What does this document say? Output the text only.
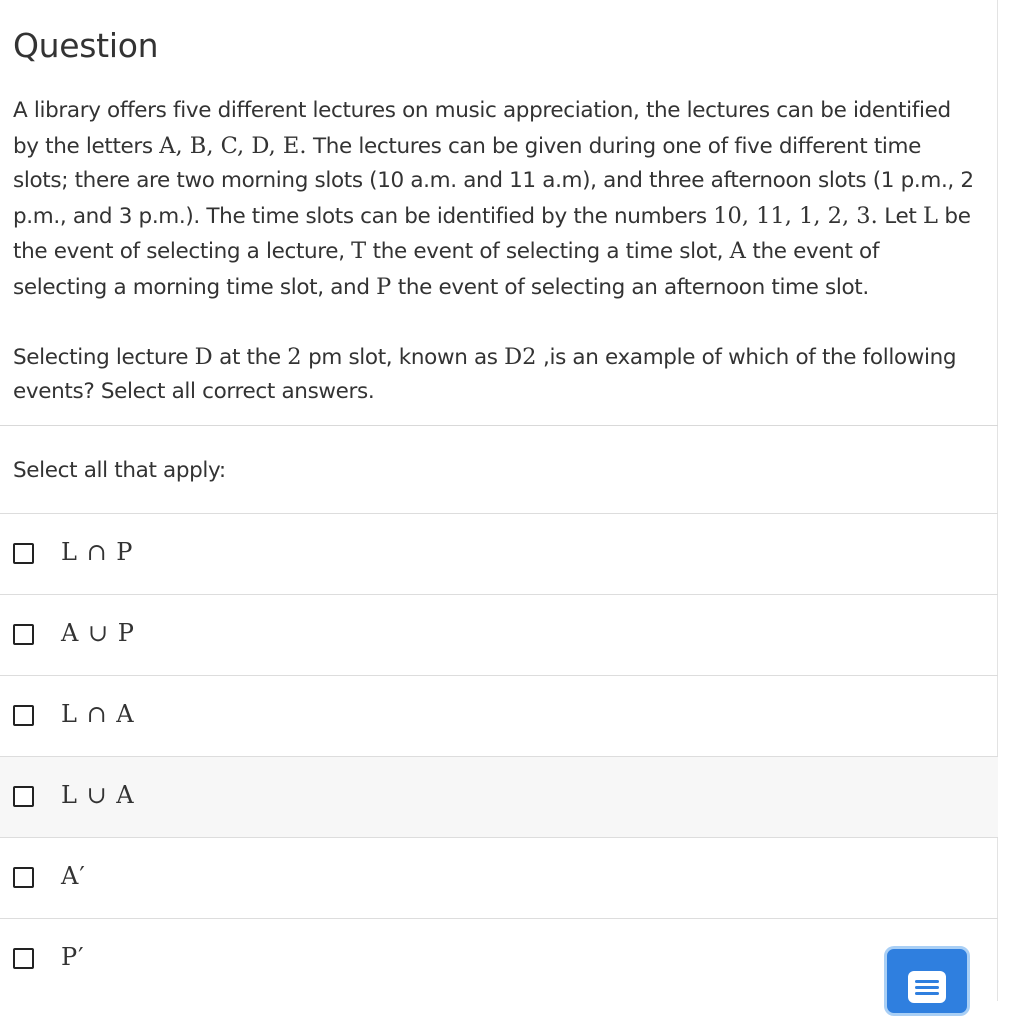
Question

A library offers five different lectures on music appreciation, the lectures can be identified by the letters A, B, C, D, E. The lectures can be given during one of five different time slots; there are two morning slots (10 a.m. and 11 a.m), and three afternoon slots (1 p.m., 2 p.m., and 3 p.m.). The time slots can be identified by the numbers 10, 11, 1, 2, 3. Let L be the event of selecting a lecture, T the event of selecting a time slot, A the event of selecting a morning time slot, and P the event of selecting an afternoon time slot.

Selecting lecture D at the 2 pm slot, known as D2 ,is an example of which of the following events? Select all correct answers.

Select all that apply:
L ∩ P
A ∪ P
L ∩ A
L ∪ A
A′
P′
